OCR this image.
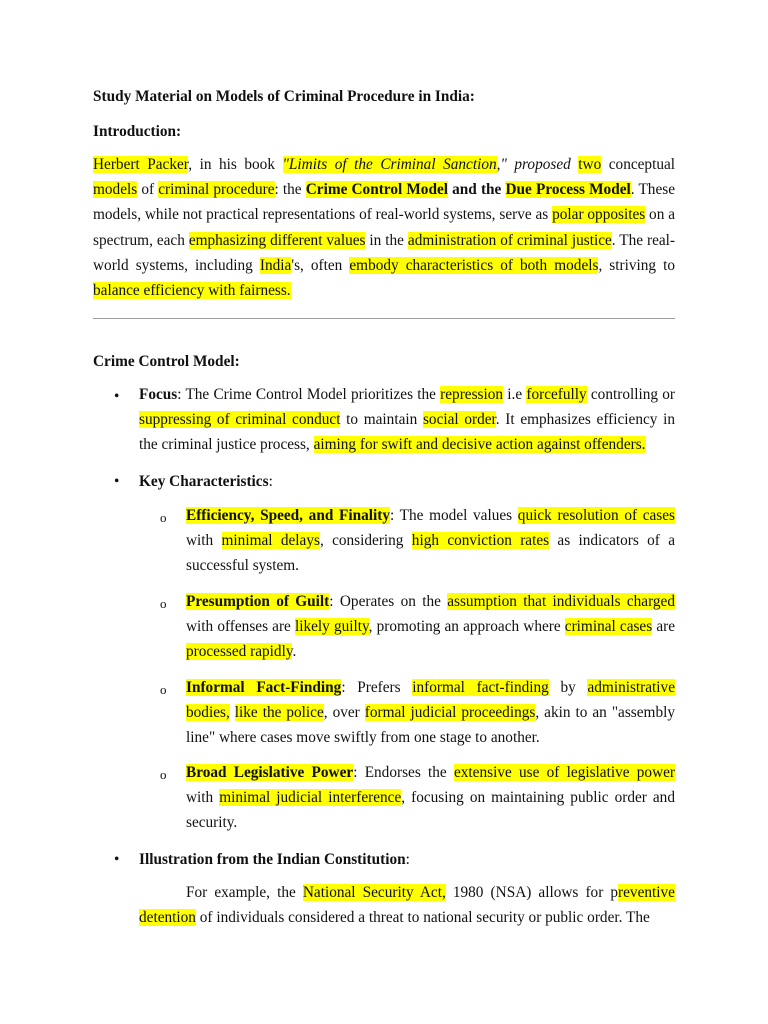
Study Material on Models of Criminal Procedure in India:

Introduction:

Herbert Packer, in his book "Limits of the Criminal Sanction," proposed two conceptual models of criminal procedure: the Crime Control Model and the Due Process Model. These models, while not practical representations of real-world systems, serve as polar opposites on a spectrum, each emphasizing different values in the administration of criminal justice. The real-world systems, including India's, often embody characteristics of both models, striving to balance efficiency with fairness.

Crime Control Model:

• Focus: The Crime Control Model prioritizes the repression i.e forcefully controlling or suppressing of criminal conduct to maintain social order. It emphasizes efficiency in the criminal justice process, aiming for swift and decisive action against offenders.

• Key Characteristics:

o Efficiency, Speed, and Finality: The model values quick resolution of cases with minimal delays, considering high conviction rates as indicators of a successful system.

o Presumption of Guilt: Operates on the assumption that individuals charged with offenses are likely guilty, promoting an approach where criminal cases are processed rapidly.

o Informal Fact-Finding: Prefers informal fact-finding by administrative bodies, like the police, over formal judicial proceedings, akin to an "assembly line" where cases move swiftly from one stage to another.

o Broad Legislative Power: Endorses the extensive use of legislative power with minimal judicial interference, focusing on maintaining public order and security.

• Illustration from the Indian Constitution:

For example, the National Security Act, 1980 (NSA) allows for preventive detention of individuals considered a threat to national security or public order. The
